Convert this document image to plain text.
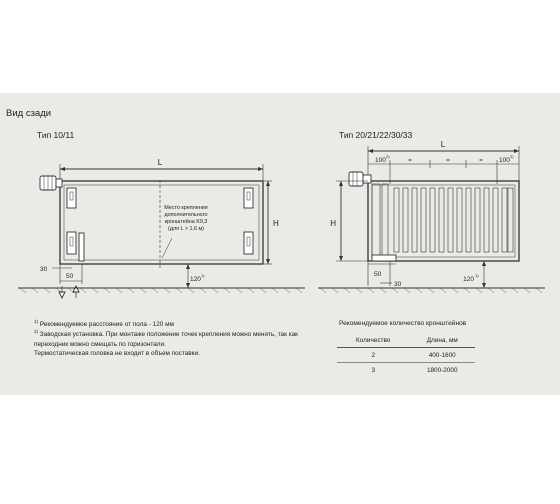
Вид сзади
Тип 10/11	Тип 20/21/22/30/33
L
H
Место крепления
дополнительного
кронштейна K9,3
(для L > 1,6 м)
30
50	120
1)
L
H
100
2)
100
2)
=	=	=
50
30
120
1)
$^{1)}$ Рекомендуемое расстояние от пола - 120 мм
$^{2)}$ Заводская установка. При монтаже положение точек крепления можно менять, так как переходник можно смещать по горизонтали.
Термостатическая головка не входит в объем поставки.
Рекомендуемое количество кронштейнов
Количество	Длина, мм
2	400-1600
3	1800-2000
